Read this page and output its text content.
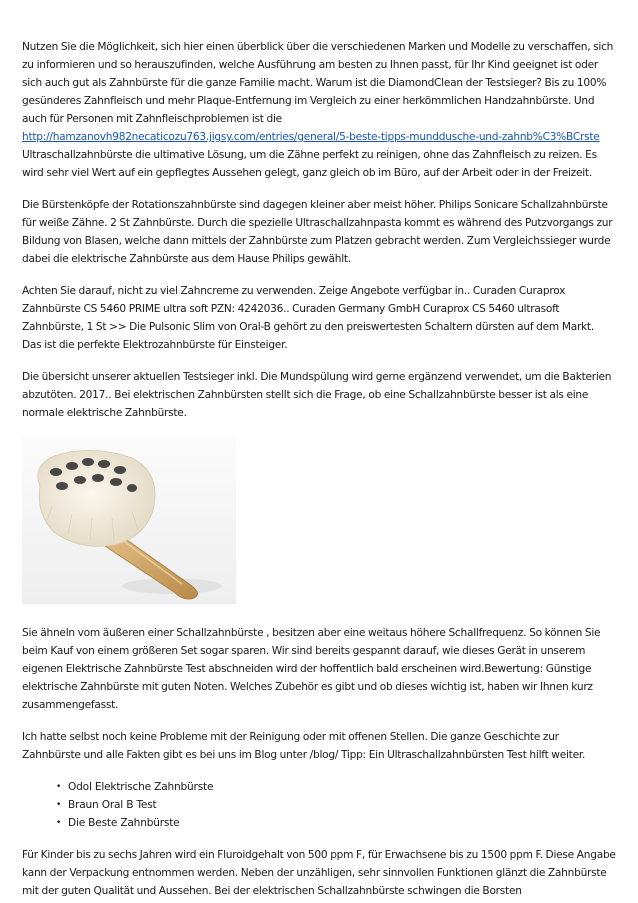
Nutzen Sie die Möglichkeit, sich hier einen überblick über die verschiedenen Marken und Modelle zu verschaffen, sich zu informieren und so herauszufinden, welche Ausführung am besten zu Ihnen passt, für Ihr Kind geeignet ist oder sich auch gut als Zahnbürste für die ganze Familie macht. Warum ist die DiamondClean der Testsieger? Bis zu 100% gesünderes Zahnfleisch und mehr Plaque-Entfernung im Vergleich zu einer herkömmlichen Handzahnbürste. Und auch für Personen mit Zahnfleischproblemen ist die
http://hamzanovh982necaticozu763.jigsy.com/entries/general/5-beste-tipps-munddusche-und-zahnb%C3%BCrste Ultraschallzahnbürste die ultimative Lösung, um die Zähne perfekt zu reinigen, ohne das Zahnfleisch zu reizen. Es wird sehr viel Wert auf ein gepflegtes Aussehen gelegt, ganz gleich ob im Büro, auf der Arbeit oder in der Freizeit.

Die Bürstenköpfe der Rotationszahnbürste sind dagegen kleiner aber meist höher. Philips Sonicare Schallzahnbürste für weiße Zähne. 2 St Zahnbürste. Durch die spezielle Ultraschallzahnpasta kommt es während des Putzvorgangs zur Bildung von Blasen, welche dann mittels der Zahnbürste zum Platzen gebracht werden. Zum Vergleichssieger wurde dabei die elektrische Zahnbürste aus dem Hause Philips gewählt.

Achten Sie darauf, nicht zu viel Zahncreme zu verwenden. Zeige Angebote verfügbar in.. Curaden Curaprox Zahnbürste CS 5460 PRIME ultra soft PZN: 4242036.. Curaden Germany GmbH Curaprox CS 5460 ultrasoft Zahnbürste, 1 St >> Die Pulsonic Slim von Oral-B gehört zu den preiswertesten Schaltern dürsten auf dem Markt. Das ist die perfekte Elektrozahnbürste für Einsteiger.

Die übersicht unserer aktuellen Testsieger inkl. Die Mundspülung wird gerne ergänzend verwendet, um die Bakterien abzutöten. 2017.. Bei elektrischen Zahnbürsten stellt sich die Frage, ob eine Schallzahnbürste besser ist als eine normale elektrische Zahnbürste.

Sie ähneln vom äußeren einer Schallzahnbürste , besitzen aber eine weitaus höhere Schallfrequenz. So können Sie beim Kauf von einem größeren Set sogar sparen. Wir sind bereits gespannt darauf, wie dieses Gerät in unserem eigenen Elektrische Zahnbürste Test abschneiden wird der hoffentlich bald erscheinen wird.Bewertung: Günstige elektrische Zahnbürste mit guten Noten. Welches Zubehör es gibt und ob dieses wichtig ist, haben wir Ihnen kurz zusammengefasst.

Ich hatte selbst noch keine Probleme mit der Reinigung oder mit offenen Stellen. Die ganze Geschichte zur Zahnbürste und alle Fakten gibt es bei uns im Blog unter /blog/ Tipp: Ein Ultraschallzahnbürsten Test hilft weiter.

• Odol Elektrische Zahnbürste
• Braun Oral B Test
• Die Beste Zahnbürste

Für Kinder bis zu sechs Jahren wird ein Fluroidgehalt von 500 ppm F, für Erwachsene bis zu 1500 ppm F. Diese Angabe kann der Verpackung entnommen werden. Neben der unzähligen, sehr sinnvollen Funktionen glänzt die Zahnbürste mit der guten Qualität und Aussehen. Bei der elektrischen Schallzahnbürste schwingen die Borsten
